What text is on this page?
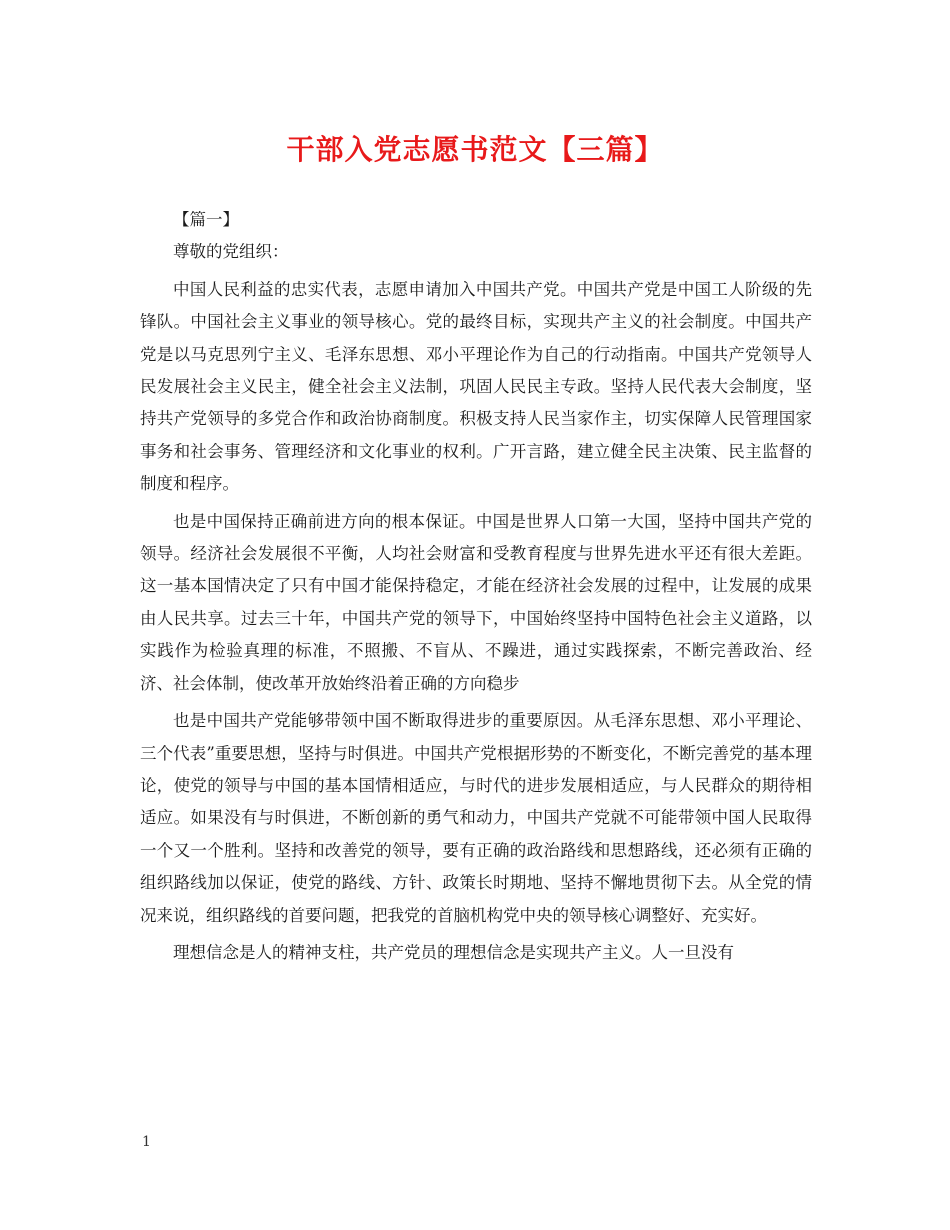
干部入党志愿书范文【三篇】

【篇一】

尊敬的党组织：

中国人民利益的忠实代表，志愿申请加入中国共产党。中国共产党是中国工人阶级的先锋队。中国社会主义事业的领导核心。党的最终目标，实现共产主义的社会制度。中国共产党是以马克思列宁主义、毛泽东思想、邓小平理论作为自己的行动指南。中国共产党领导人民发展社会主义民主，健全社会主义法制，巩固人民民主专政。坚持人民代表大会制度，坚持共产党领导的多党合作和政治协商制度。积极支持人民当家作主，切实保障人民管理国家事务和社会事务、管理经济和文化事业的权利。广开言路，建立健全民主决策、民主监督的制度和程序。

也是中国保持正确前进方向的根本保证。中国是世界人口第一大国，坚持中国共产党的领导。经济社会发展很不平衡，人均社会财富和受教育程度与世界先进水平还有很大差距。这一基本国情决定了只有中国才能保持稳定，才能在经济社会发展的过程中，让发展的成果由人民共享。过去三十年，中国共产党的领导下，中国始终坚持中国特色社会主义道路，以实践作为检验真理的标准，不照搬、不盲从、不躁进，通过实践探索，不断完善政治、经济、社会体制，使改革开放始终沿着正确的方向稳步

也是中国共产党能够带领中国不断取得进步的重要原因。从毛泽东思想、邓小平理论、三个代表”重要思想，坚持与时俱进。中国共产党根据形势的不断变化，不断完善党的基本理论，使党的领导与中国的基本国情相适应，与时代的进步发展相适应，与人民群众的期待相适应。如果没有与时俱进，不断创新的勇气和动力，中国共产党就不可能带领中国人民取得一个又一个胜利。坚持和改善党的领导，要有正确的政治路线和思想路线，还必须有正确的组织路线加以保证，使党的路线、方针、政策长时期地、坚持不懈地贯彻下去。从全党的情况来说，组织路线的首要问题，把我党的首脑机构党中央的领导核心调整好、充实好。

理想信念是人的精神支柱，共产党员的理想信念是实现共产主义。人一旦没有

1
